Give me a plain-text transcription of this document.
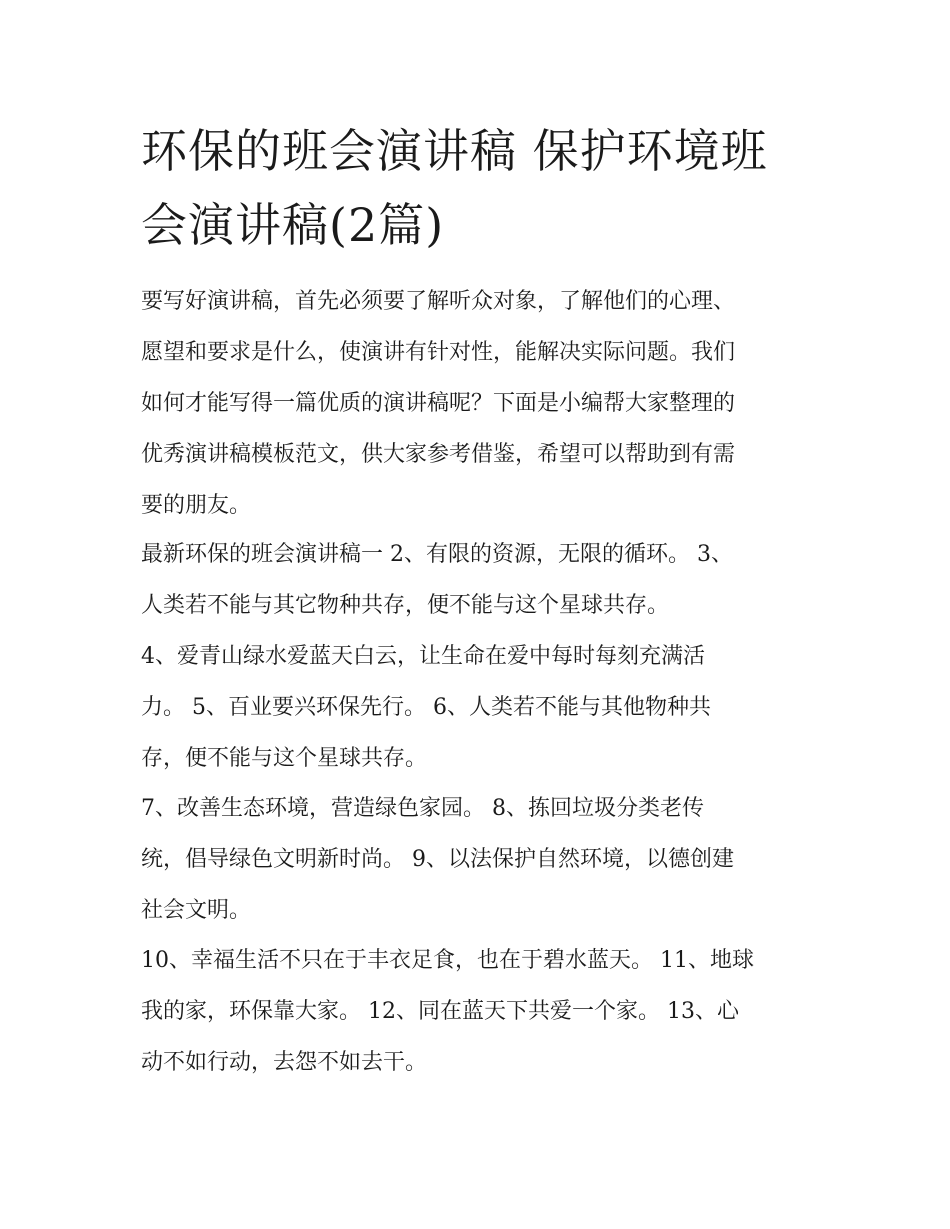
环保的班会演讲稿 保护环境班
会演讲稿(2篇)
要写好演讲稿，首先必须要了解听众对象，了解他们的心理、
愿望和要求是什么，使演讲有针对性，能解决实际问题。我们
如何才能写得一篇优质的演讲稿呢？下面是小编帮大家整理的
优秀演讲稿模板范文，供大家参考借鉴，希望可以帮助到有需
要的朋友。
最新环保的班会演讲稿一 2、有限的资源，无限的循环。 3、
人类若不能与其它物种共存，便不能与这个星球共存。
4、爱青山绿水爱蓝天白云，让生命在爱中每时每刻充满活
力。 5、百业要兴环保先行。 6、人类若不能与其他物种共
存，便不能与这个星球共存。
7、改善生态环境，营造绿色家园。 8、拣回垃圾分类老传
统，倡导绿色文明新时尚。 9、以法保护自然环境，以德创建
社会文明。
10、幸福生活不只在于丰衣足食，也在于碧水蓝天。 11、地球
我的家，环保靠大家。 12、同在蓝天下共爱一个家。 13、心
动不如行动，去怨不如去干。
